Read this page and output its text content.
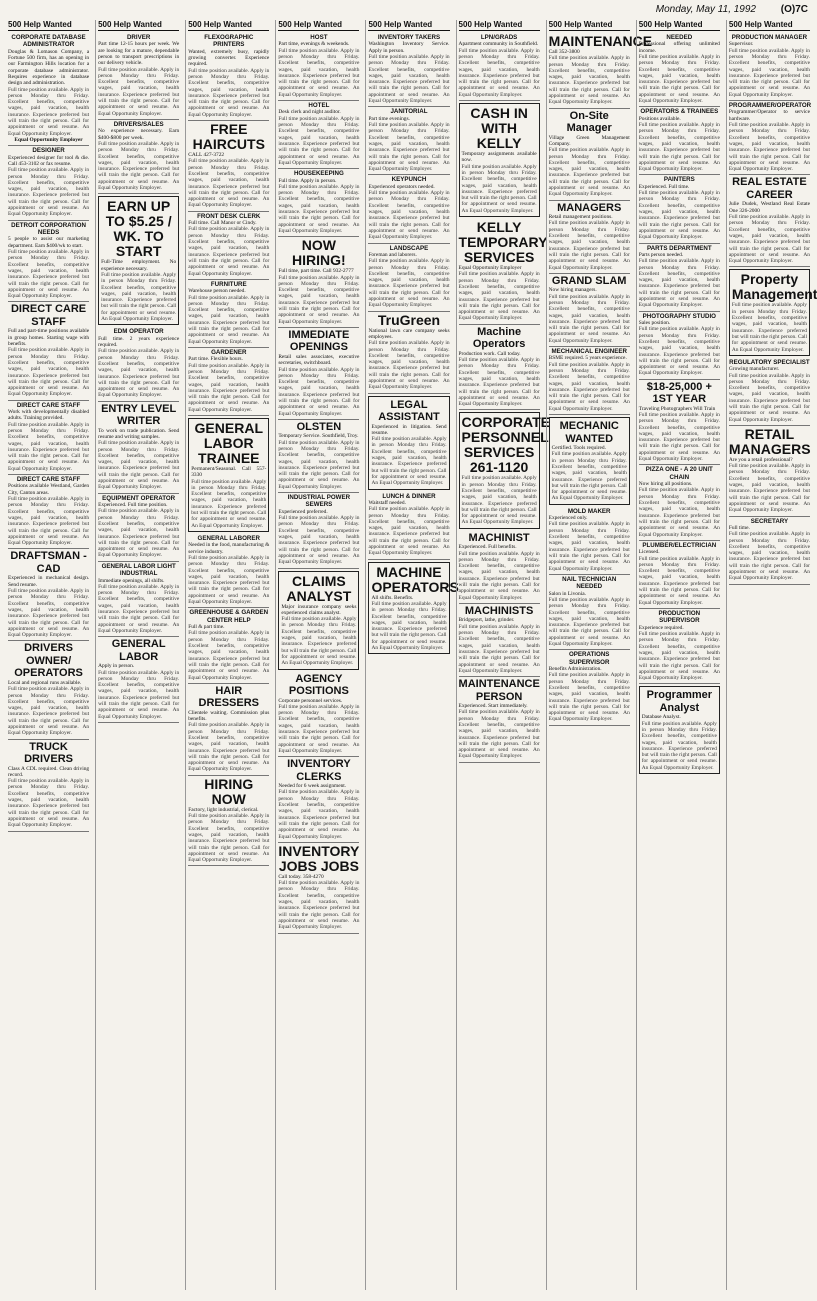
Monday, May 11, 1992 (O)7C
500 Help Wanted
CORPORATE DATABASE ADMINISTRATOR
Douglas & Lomason Company, a Fortune 500 firm, has an opening in our Farmington Hills location for a corporate database administrator. Requires experience in database design and administration.
Full time position available. Apply in person Monday thru Friday. Excellent benefits, competitive wages, paid vacation, health insurance. Experience preferred but will train the right person. Call for appointment or send resume. An Equal Opportunity Employer.
Equal Opportunity Employer
DESIGNER
Experienced designer for tool & die. Call 453-3102 or fax resume.
Full time position available. Apply in person Monday thru Friday. Excellent benefits, competitive wages, paid vacation, health insurance. Experience preferred but will train the right person. Call for appointment or send resume. An Equal Opportunity Employer.
DETROIT CORPORATION NEEDS
5 people to assist our marketing department. Earn $400/wk to start.
Full time position available. Apply in person Monday thru Friday. Excellent benefits, competitive wages, paid vacation, health insurance. Experience preferred but will train the right person. Call for appointment or send resume. An Equal Opportunity Employer.
DIRECT CARE STAFF
Full and part-time positions available in group homes. Starting wage with benefits.
Full time position available. Apply in person Monday thru Friday. Excellent benefits, competitive wages, paid vacation, health insurance. Experience preferred but will train the right person. Call for appointment or send resume. An Equal Opportunity Employer.
DIRECT CARE STAFF
Work with developmentally disabled adults. Training provided.
Full time position available. Apply in person Monday thru Friday. Excellent benefits, competitive wages, paid vacation, health insurance. Experience preferred but will train the right person. Call for appointment or send resume. An Equal Opportunity Employer.
DIRECT CARE STAFF
Positions available Westland, Garden City, Canton areas.
Full time position available. Apply in person Monday thru Friday. Excellent benefits, competitive wages, paid vacation, health insurance. Experience preferred but will train the right person. Call for appointment or send resume. An Equal Opportunity Employer.
DRAFTSMAN - CAD
Experienced in mechanical design. Send resume.
Full time position available. Apply in person Monday thru Friday. Excellent benefits, competitive wages, paid vacation, health insurance. Experience preferred but will train the right person. Call for appointment or send resume. An Equal Opportunity Employer.
DRIVERS OWNER/ OPERATORS
Local and regional runs available.
Full time position available. Apply in person Monday thru Friday. Excellent benefits, competitive wages, paid vacation, health insurance. Experience preferred but will train the right person. Call for appointment or send resume. An Equal Opportunity Employer.
TRUCK DRIVERS
Class A CDL required. Clean driving record.
Full time position available. Apply in person Monday thru Friday. Excellent benefits, competitive wages, paid vacation, health insurance. Experience preferred but will train the right person. Call for appointment or send resume. An Equal Opportunity Employer.
500 Help Wanted
DRIVER
Part time 12-15 hours per week. We are looking for a mature, dependable person to transport prescriptions in our delivery vehicle.
Full time position available. Apply in person Monday thru Friday. Excellent benefits, competitive wages, paid vacation, health insurance. Experience preferred but will train the right person. Call for appointment or send resume. An Equal Opportunity Employer.
DRIVERS/SALES
No experience necessary. Earn $400-$800 per week.
Full time position available. Apply in person Monday thru Friday. Excellent benefits, competitive wages, paid vacation, health insurance. Experience preferred but will train the right person. Call for appointment or send resume. An Equal Opportunity Employer.
EARN UP TO $5.25 / WK. TO START
Full-Time employment. No experience necessary.
Full time position available. Apply in person Monday thru Friday. Excellent benefits, competitive wages, paid vacation, health insurance. Experience preferred but will train the right person. Call for appointment or send resume. An Equal Opportunity Employer.
EDM OPERATOR
Full time. 2 years experience required.
Full time position available. Apply in person Monday thru Friday. Excellent benefits, competitive wages, paid vacation, health insurance. Experience preferred but will train the right person. Call for appointment or send resume. An Equal Opportunity Employer.
ENTRY LEVEL WRITER
To work on trade publication. Send resume and writing samples.
Full time position available. Apply in person Monday thru Friday. Excellent benefits, competitive wages, paid vacation, health insurance. Experience preferred but will train the right person. Call for appointment or send resume. An Equal Opportunity Employer.
EQUIPMENT OPERATOR
Experienced. Full time position.
Full time position available. Apply in person Monday thru Friday. Excellent benefits, competitive wages, paid vacation, health insurance. Experience preferred but will train the right person. Call for appointment or send resume. An Equal Opportunity Employer.
GENERAL LABOR LIGHT INDUSTRIAL
Immediate openings, all shifts.
Full time position available. Apply in person Monday thru Friday. Excellent benefits, competitive wages, paid vacation, health insurance. Experience preferred but will train the right person. Call for appointment or send resume. An Equal Opportunity Employer.
GENERAL LABOR
Apply in person.
Full time position available. Apply in person Monday thru Friday. Excellent benefits, competitive wages, paid vacation, health insurance. Experience preferred but will train the right person. Call for appointment or send resume. An Equal Opportunity Employer.
500 Help Wanted
FLEXOGRAPHIC PRINTERS
Wanted, extremely busy, rapidly growing converter. Experience required.
Full time position available. Apply in person Monday thru Friday. Excellent benefits, competitive wages, paid vacation, health insurance. Experience preferred but will train the right person. Call for appointment or send resume. An Equal Opportunity Employer.
FREE HAIRCUTS
CALL 427-3722
Full time position available. Apply in person Monday thru Friday. Excellent benefits, competitive wages, paid vacation, health insurance. Experience preferred but will train the right person. Call for appointment or send resume. An Equal Opportunity Employer.
FRONT DESK CLERK
Full time. Call Manor or Cindy.
Full time position available. Apply in person Monday thru Friday. Excellent benefits, competitive wages, paid vacation, health insurance. Experience preferred but will train the right person. Call for appointment or send resume. An Equal Opportunity Employer.
FURNITURE
Warehouse person needed.
Full time position available. Apply in person Monday thru Friday. Excellent benefits, competitive wages, paid vacation, health insurance. Experience preferred but will train the right person. Call for appointment or send resume. An Equal Opportunity Employer.
GARDENER
Part time. Flexible hours.
Full time position available. Apply in person Monday thru Friday. Excellent benefits, competitive wages, paid vacation, health insurance. Experience preferred but will train the right person. Call for appointment or send resume. An Equal Opportunity Employer.
GENERAL LABOR TRAINEE
Permanent/Seasonal. Call 557-3330
Full time position available. Apply in person Monday thru Friday. Excellent benefits, competitive wages, paid vacation, health insurance. Experience preferred but will train the right person. Call for appointment or send resume. An Equal Opportunity Employer.
GENERAL LABORER
Needed in the food, manufacturing & service industry.
Full time position available. Apply in person Monday thru Friday. Excellent benefits, competitive wages, paid vacation, health insurance. Experience preferred but will train the right person. Call for appointment or send resume. An Equal Opportunity Employer.
GREENHOUSE & GARDEN CENTER HELP
Full & part time.
Full time position available. Apply in person Monday thru Friday. Excellent benefits, competitive wages, paid vacation, health insurance. Experience preferred but will train the right person. Call for appointment or send resume. An Equal Opportunity Employer.
HAIR DRESSERS
Clientele waiting. Commission plus benefits.
Full time position available. Apply in person Monday thru Friday. Excellent benefits, competitive wages, paid vacation, health insurance. Experience preferred but will train the right person. Call for appointment or send resume. An Equal Opportunity Employer.
HIRING NOW
Factory, light industrial, clerical.
Full time position available. Apply in person Monday thru Friday. Excellent benefits, competitive wages, paid vacation, health insurance. Experience preferred but will train the right person. Call for appointment or send resume. An Equal Opportunity Employer.
500 Help Wanted
HOST
Part time, evenings & weekends.
Full time position available. Apply in person Monday thru Friday. Excellent benefits, competitive wages, paid vacation, health insurance. Experience preferred but will train the right person. Call for appointment or send resume. An Equal Opportunity Employer.
HOTEL
Desk clerk and night auditor.
Full time position available. Apply in person Monday thru Friday. Excellent benefits, competitive wages, paid vacation, health insurance. Experience preferred but will train the right person. Call for appointment or send resume. An Equal Opportunity Employer.
HOUSEKEEPING
Full time. Apply in person.
Full time position available. Apply in person Monday thru Friday. Excellent benefits, competitive wages, paid vacation, health insurance. Experience preferred but will train the right person. Call for appointment or send resume. An Equal Opportunity Employer.
NOW HIRING!
Full time, part time. Call 932-2777
Full time position available. Apply in person Monday thru Friday. Excellent benefits, competitive wages, paid vacation, health insurance. Experience preferred but will train the right person. Call for appointment or send resume. An Equal Opportunity Employer.
IMMEDIATE OPENINGS
Retail sales associates, executive secretaries, switchboard.
Full time position available. Apply in person Monday thru Friday. Excellent benefits, competitive wages, paid vacation, health insurance. Experience preferred but will train the right person. Call for appointment or send resume. An Equal Opportunity Employer.
OLSTEN
Temporary Service. Southfield, Troy.
Full time position available. Apply in person Monday thru Friday. Excellent benefits, competitive wages, paid vacation, health insurance. Experience preferred but will train the right person. Call for appointment or send resume. An Equal Opportunity Employer.
INDUSTRIAL POWER SEWERS
Experienced preferred.
Full time position available. Apply in person Monday thru Friday. Excellent benefits, competitive wages, paid vacation, health insurance. Experience preferred but will train the right person. Call for appointment or send resume. An Equal Opportunity Employer.
CLAIMS ANALYST
Major insurance company seeks experienced claims analyst.
Full time position available. Apply in person Monday thru Friday. Excellent benefits, competitive wages, paid vacation, health insurance. Experience preferred but will train the right person. Call for appointment or send resume. An Equal Opportunity Employer.
AGENCY POSITIONS
Corporate personnel services.
Full time position available. Apply in person Monday thru Friday. Excellent benefits, competitive wages, paid vacation, health insurance. Experience preferred but will train the right person. Call for appointment or send resume. An Equal Opportunity Employer.
INVENTORY CLERKS
Needed for 6 week assignment.
Full time position available. Apply in person Monday thru Friday. Excellent benefits, competitive wages, paid vacation, health insurance. Experience preferred but will train the right person. Call for appointment or send resume. An Equal Opportunity Employer.
INVENTORY JOBS JOBS
Call today. 358-4270
Full time position available. Apply in person Monday thru Friday. Excellent benefits, competitive wages, paid vacation, health insurance. Experience preferred but will train the right person. Call for appointment or send resume. An Equal Opportunity Employer.
500 Help Wanted
INVENTORY TAKERS
Washington Inventory Service. Apply in person.
Full time position available. Apply in person Monday thru Friday. Excellent benefits, competitive wages, paid vacation, health insurance. Experience preferred but will train the right person. Call for appointment or send resume. An Equal Opportunity Employer.
JANITORIAL
Part time evenings.
Full time position available. Apply in person Monday thru Friday. Excellent benefits, competitive wages, paid vacation, health insurance. Experience preferred but will train the right person. Call for appointment or send resume. An Equal Opportunity Employer.
KEYPUNCH
Experienced operators needed.
Full time position available. Apply in person Monday thru Friday. Excellent benefits, competitive wages, paid vacation, health insurance. Experience preferred but will train the right person. Call for appointment or send resume. An Equal Opportunity Employer.
LANDSCAPE
Foreman and laborers.
Full time position available. Apply in person Monday thru Friday. Excellent benefits, competitive wages, paid vacation, health insurance. Experience preferred but will train the right person. Call for appointment or send resume. An Equal Opportunity Employer.
TruGreen
National lawn care company seeks employees.
Full time position available. Apply in person Monday thru Friday. Excellent benefits, competitive wages, paid vacation, health insurance. Experience preferred but will train the right person. Call for appointment or send resume. An Equal Opportunity Employer.
LEGAL ASSISTANT
Experienced in litigation. Send resume.
Full time position available. Apply in person Monday thru Friday. Excellent benefits, competitive wages, paid vacation, health insurance. Experience preferred but will train the right person. Call for appointment or send resume. An Equal Opportunity Employer.
LUNCH & DINNER
Waitstaff needed.
Full time position available. Apply in person Monday thru Friday. Excellent benefits, competitive wages, paid vacation, health insurance. Experience preferred but will train the right person. Call for appointment or send resume. An Equal Opportunity Employer.
MACHINE OPERATORS
All shifts. Benefits.
Full time position available. Apply in person Monday thru Friday. Excellent benefits, competitive wages, paid vacation, health insurance. Experience preferred but will train the right person. Call for appointment or send resume. An Equal Opportunity Employer.
500 Help Wanted
LPN/GRADS
Apartment community in Southfield.
Full time position available. Apply in person Monday thru Friday. Excellent benefits, competitive wages, paid vacation, health insurance. Experience preferred but will train the right person. Call for appointment or send resume. An Equal Opportunity Employer.
CASH IN WITH KELLY
Temporary assignments available now.
Full time position available. Apply in person Monday thru Friday. Excellent benefits, competitive wages, paid vacation, health insurance. Experience preferred but will train the right person. Call for appointment or send resume. An Equal Opportunity Employer.
KELLY TEMPORARY SERVICES
Equal Opportunity Employer
Full time position available. Apply in person Monday thru Friday. Excellent benefits, competitive wages, paid vacation, health insurance. Experience preferred but will train the right person. Call for appointment or send resume. An Equal Opportunity Employer.
Machine Operators
Production work. Call today.
Full time position available. Apply in person Monday thru Friday. Excellent benefits, competitive wages, paid vacation, health insurance. Experience preferred but will train the right person. Call for appointment or send resume. An Equal Opportunity Employer.
CORPORATE PERSONNEL SERVICES 261-1120
Full time position available. Apply in person Monday thru Friday. Excellent benefits, competitive wages, paid vacation, health insurance. Experience preferred but will train the right person. Call for appointment or send resume. An Equal Opportunity Employer.
MACHINIST
Experienced. Full benefits.
Full time position available. Apply in person Monday thru Friday. Excellent benefits, competitive wages, paid vacation, health insurance. Experience preferred but will train the right person. Call for appointment or send resume. An Equal Opportunity Employer.
MACHINISTS
Bridgeport, lathe, grinder.
Full time position available. Apply in person Monday thru Friday. Excellent benefits, competitive wages, paid vacation, health insurance. Experience preferred but will train the right person. Call for appointment or send resume. An Equal Opportunity Employer.
MAINTENANCE PERSON
Experienced. Start immediately.
Full time position available. Apply in person Monday thru Friday. Excellent benefits, competitive wages, paid vacation, health insurance. Experience preferred but will train the right person. Call for appointment or send resume. An Equal Opportunity Employer.
500 Help Wanted
MAINTENANCE
Call 352-3800
Full time position available. Apply in person Monday thru Friday. Excellent benefits, competitive wages, paid vacation, health insurance. Experience preferred but will train the right person. Call for appointment or send resume. An Equal Opportunity Employer.
On-Site Manager
Village Green Management Company.
Full time position available. Apply in person Monday thru Friday. Excellent benefits, competitive wages, paid vacation, health insurance. Experience preferred but will train the right person. Call for appointment or send resume. An Equal Opportunity Employer.
MANAGERS
Retail management positions.
Full time position available. Apply in person Monday thru Friday. Excellent benefits, competitive wages, paid vacation, health insurance. Experience preferred but will train the right person. Call for appointment or send resume. An Equal Opportunity Employer.
GRAND SLAM
Now hiring managers.
Full time position available. Apply in person Monday thru Friday. Excellent benefits, competitive wages, paid vacation, health insurance. Experience preferred but will train the right person. Call for appointment or send resume. An Equal Opportunity Employer.
MECHANICAL ENGINEER
BSME required. 5 years experience.
Full time position available. Apply in person Monday thru Friday. Excellent benefits, competitive wages, paid vacation, health insurance. Experience preferred but will train the right person. Call for appointment or send resume. An Equal Opportunity Employer.
MECHANIC WANTED
Certified. Tools required.
Full time position available. Apply in person Monday thru Friday. Excellent benefits, competitive wages, paid vacation, health insurance. Experience preferred but will train the right person. Call for appointment or send resume. An Equal Opportunity Employer.
MOLD MAKER
Experienced only.
Full time position available. Apply in person Monday thru Friday. Excellent benefits, competitive wages, paid vacation, health insurance. Experience preferred but will train the right person. Call for appointment or send resume. An Equal Opportunity Employer.
NAIL TECHNICIAN NEEDED
Salon in Livonia.
Full time position available. Apply in person Monday thru Friday. Excellent benefits, competitive wages, paid vacation, health insurance. Experience preferred but will train the right person. Call for appointment or send resume. An Equal Opportunity Employer.
OPERATIONS SUPERVISOR
Benefits Administration.
Full time position available. Apply in person Monday thru Friday. Excellent benefits, competitive wages, paid vacation, health insurance. Experience preferred but will train the right person. Call for appointment or send resume. An Equal Opportunity Employer.
500 Help Wanted
NEEDED
Professional offering unlimited income.
Full time position available. Apply in person Monday thru Friday. Excellent benefits, competitive wages, paid vacation, health insurance. Experience preferred but will train the right person. Call for appointment or send resume. An Equal Opportunity Employer.
OPERATORS & TRAINEES
Positions available.
Full time position available. Apply in person Monday thru Friday. Excellent benefits, competitive wages, paid vacation, health insurance. Experience preferred but will train the right person. Call for appointment or send resume. An Equal Opportunity Employer.
PAINTERS
Experienced. Full time.
Full time position available. Apply in person Monday thru Friday. Excellent benefits, competitive wages, paid vacation, health insurance. Experience preferred but will train the right person. Call for appointment or send resume. An Equal Opportunity Employer.
PARTS DEPARTMENT
Parts person needed.
Full time position available. Apply in person Monday thru Friday. Excellent benefits, competitive wages, paid vacation, health insurance. Experience preferred but will train the right person. Call for appointment or send resume. An Equal Opportunity Employer.
PHOTOGRAPHY STUDIO
Sales position.
Full time position available. Apply in person Monday thru Friday. Excellent benefits, competitive wages, paid vacation, health insurance. Experience preferred but will train the right person. Call for appointment or send resume. An Equal Opportunity Employer.
$18-25,000 + 1ST YEAR
Traveling Photographers Will Train
Full time position available. Apply in person Monday thru Friday. Excellent benefits, competitive wages, paid vacation, health insurance. Experience preferred but will train the right person. Call for appointment or send resume. An Equal Opportunity Employer.
PIZZA ONE - A 20 UNIT CHAIN
Now hiring all positions.
Full time position available. Apply in person Monday thru Friday. Excellent benefits, competitive wages, paid vacation, health insurance. Experience preferred but will train the right person. Call for appointment or send resume. An Equal Opportunity Employer.
PLUMBER/ELECTRICIAN
Licensed.
Full time position available. Apply in person Monday thru Friday. Excellent benefits, competitive wages, paid vacation, health insurance. Experience preferred but will train the right person. Call for appointment or send resume. An Equal Opportunity Employer.
PRODUCTION SUPERVISOR
Experience required.
Full time position available. Apply in person Monday thru Friday. Excellent benefits, competitive wages, paid vacation, health insurance. Experience preferred but will train the right person. Call for appointment or send resume. An Equal Opportunity Employer.
Programmer Analyst
Database Analyst.
Full time position available. Apply in person Monday thru Friday. Excellent benefits, competitive wages, paid vacation, health insurance. Experience preferred but will train the right person. Call for appointment or send resume. An Equal Opportunity Employer.
500 Help Wanted
PRODUCTION MANAGER
Supervisor.
Full time position available. Apply in person Monday thru Friday. Excellent benefits, competitive wages, paid vacation, health insurance. Experience preferred but will train the right person. Call for appointment or send resume. An Equal Opportunity Employer.
PROGRAMMER/OPERATOR
Programmer/Operator to service hardware.
Full time position available. Apply in person Monday thru Friday. Excellent benefits, competitive wages, paid vacation, health insurance. Experience preferred but will train the right person. Call for appointment or send resume. An Equal Opportunity Employer.
REAL ESTATE CAREER
Julie Dudek, Westland Real Estate One 326-2000
Full time position available. Apply in person Monday thru Friday. Excellent benefits, competitive wages, paid vacation, health insurance. Experience preferred but will train the right person. Call for appointment or send resume. An Equal Opportunity Employer.
Property Management
Full time position available. Apply in person Monday thru Friday. Excellent benefits, competitive wages, paid vacation, health insurance. Experience preferred but will train the right person. Call for appointment or send resume. An Equal Opportunity Employer.
REGULATORY SPECIALIST
Growing manufacturer.
Full time position available. Apply in person Monday thru Friday. Excellent benefits, competitive wages, paid vacation, health insurance. Experience preferred but will train the right person. Call for appointment or send resume. An Equal Opportunity Employer.
RETAIL MANAGERS
Are you a retail professional?
Full time position available. Apply in person Monday thru Friday. Excellent benefits, competitive wages, paid vacation, health insurance. Experience preferred but will train the right person. Call for appointment or send resume. An Equal Opportunity Employer.
SECRETARY
Full time.
Full time position available. Apply in person Monday thru Friday. Excellent benefits, competitive wages, paid vacation, health insurance. Experience preferred but will train the right person. Call for appointment or send resume. An Equal Opportunity Employer.
